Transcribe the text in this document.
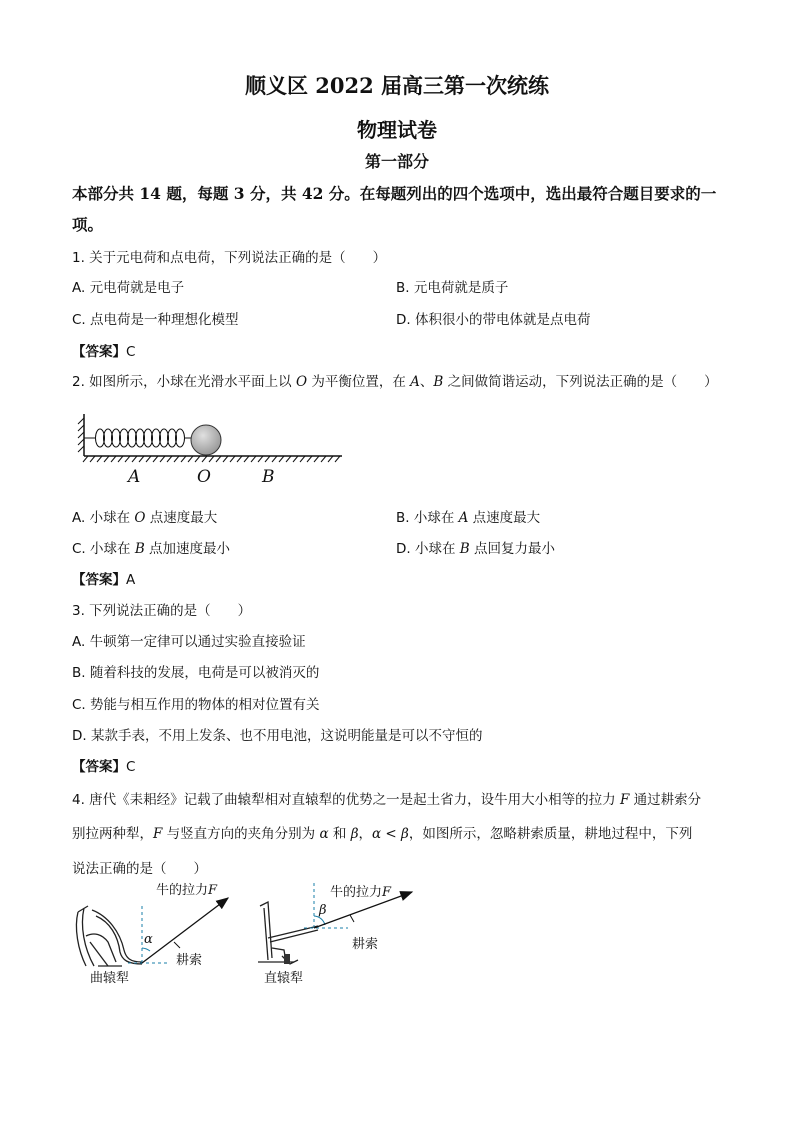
顺义区 2022 届高三第一次统练
物理试卷
第一部分
本部分共 14 题，每题 3 分，共 42 分。在每题列出的四个选项中，选出最符合题目要求的一
项。
1. 关于元电荷和点电荷，下列说法正确的是（　　）
A. 元电荷就是电子	B. 元电荷就是质子
C. 点电荷是一种理想化模型	D. 体积很小的带电体就是点电荷
【答案】C
2. 如图所示，小球在光滑水平面上以 O 为平衡位置，在 A、B 之间做简谐运动，下列说法正确的是（　　）
A	O	B
A. 小球在 O 点速度最大	B. 小球在 A 点速度最大
C. 小球在 B 点加速度最小	D. 小球在 B 点回复力最小
【答案】A
3. 下列说法正确的是（　　）
A. 牛顿第一定律可以通过实验直接验证
B. 随着科技的发展，电荷是可以被消灭的
C. 势能与相互作用的物体的相对位置有关
D. 某款手表，不用上发条、也不用电池，这说明能量是可以不守恒的
【答案】C
4. 唐代《耒耜经》记载了曲辕犁相对直辕犁的优势之一是起土省力，设牛用大小相等的拉力 F 通过耕索分
别拉两种犁，F 与竖直方向的夹角分别为 α 和 β，α < β，如图所示，忽略耕索质量，耕地过程中，下列
说法正确的是（　　）
α
牛的拉力F
耕索
曲辕犁
β
牛的拉力F
耕索
直辕犁
